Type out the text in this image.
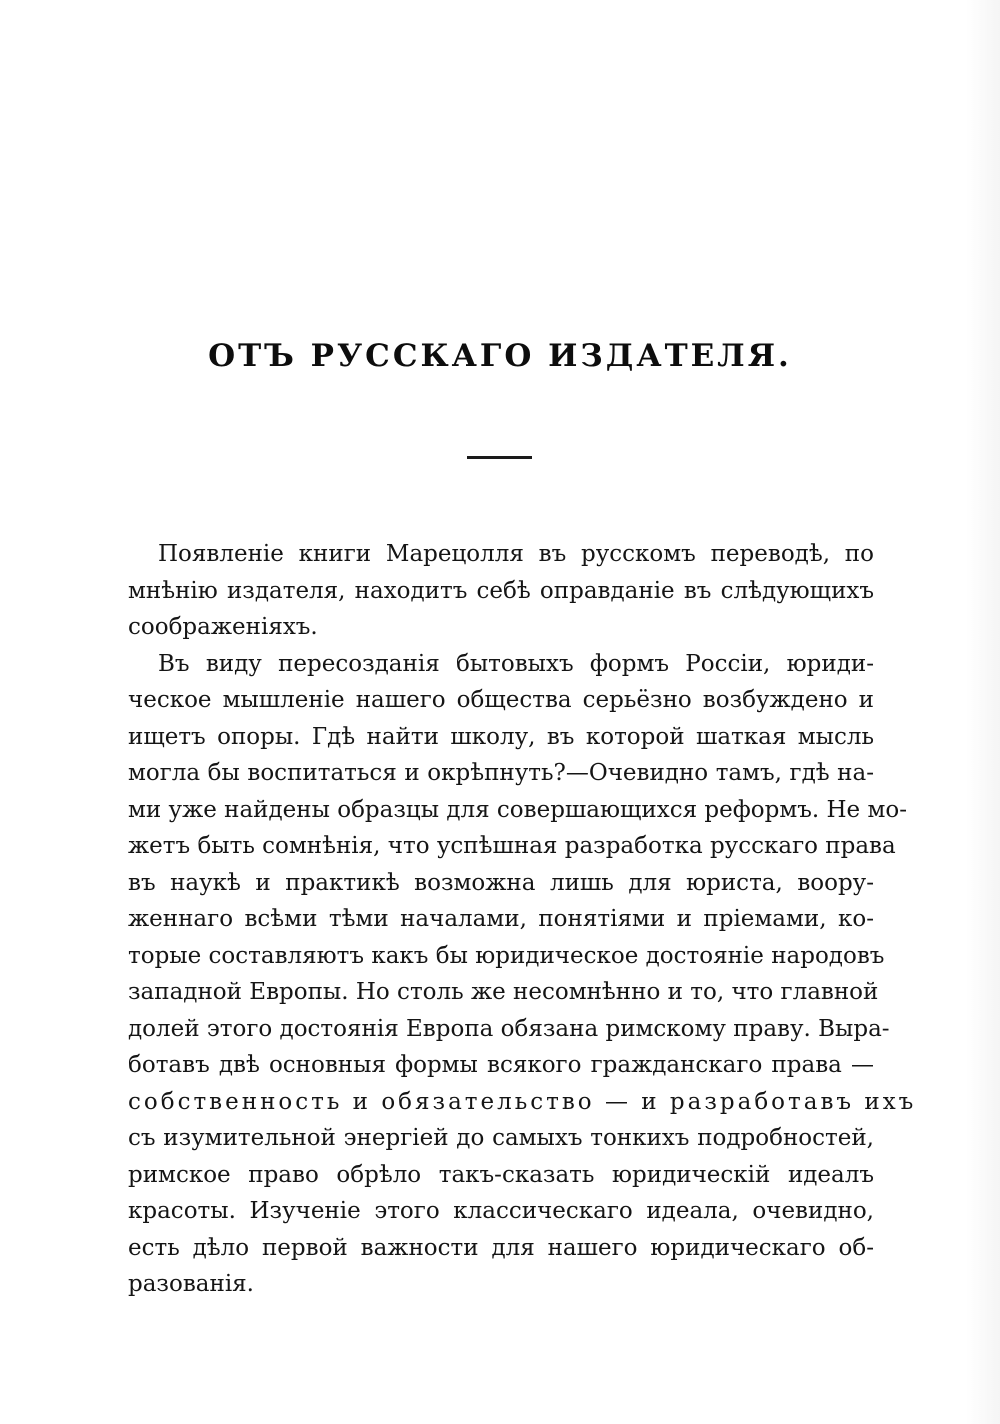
ОТЪ РУССКАГО ИЗДАТЕЛЯ.
Появленіе книги Марецолля въ русскомъ переводѣ, по
мнѣнію издателя, находитъ себѣ оправданіе въ слѣдующихъ
соображеніяхъ.
Въ виду пересозданія бытовыхъ формъ Россіи, юриди-
ческое мышленіе нашего общества серьёзно возбуждено и
ищетъ опоры. Гдѣ найти школу, въ которой шаткая мысль
могла бы воспитаться и окрѣпнуть?—Очевидно тамъ, гдѣ на-
ми уже найдены образцы для совершающихся реформъ. Не мо-
жетъ быть сомнѣнія, что успѣшная разработка русскаго права
въ наукѣ и практикѣ возможна лишь для юриста, воору-
женнаго всѣми тѣми началами, понятіями и пріемами, ко-
торые составляютъ какъ бы юридическое достояніе народовъ
западной Европы. Но столь же несомнѣнно и то, что главной
долей этого достоянія Европа обязана римскому праву. Выра-
ботавъ двѣ основныя формы всякого гражданскаго права —
собственность и обязательство — и разработавъ ихъ
съ изумительной энергіей до самыхъ тонкихъ подробностей,
римское право обрѣло такъ-сказать юридическій идеалъ
красоты. Изученіе этого классическаго идеала, очевидно,
есть дѣло первой важности для нашего юридическаго об-
разованія.
